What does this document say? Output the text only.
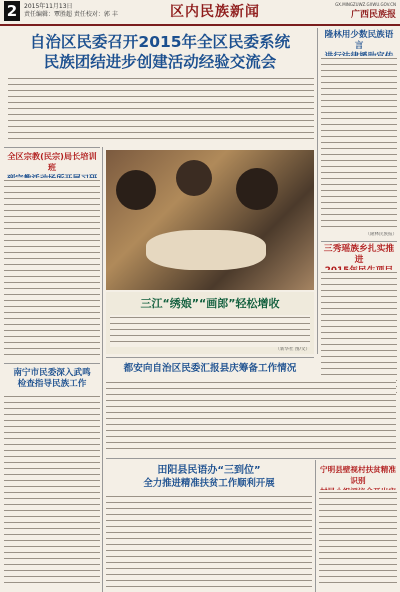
2	2015年11月13日
责任编辑：覃胜超 责任校对：郭 丰	区内民族新闻	GX.MINGZUWZ.GXWU.GOV.CN
广西民族报
自治区民委召开2015年全区民委系统
民族团结进步创建活动经验交流会
隆林用少数民族语言
（隆林民族报）
全区宗教(民宗)局长培训班
三江“绣娘”“画郎”轻松增收
（新华社 图/文）
三秀瑶族乡扎实推进
都安向自治区民委汇报县庆筹备工作情况
南宁市民委深入武鸣
检查指导民族工作
田阳县民语办“三到位”
全力推进精准扶贫工作顺利开展
宁明县壁视村扶贫精准识别
